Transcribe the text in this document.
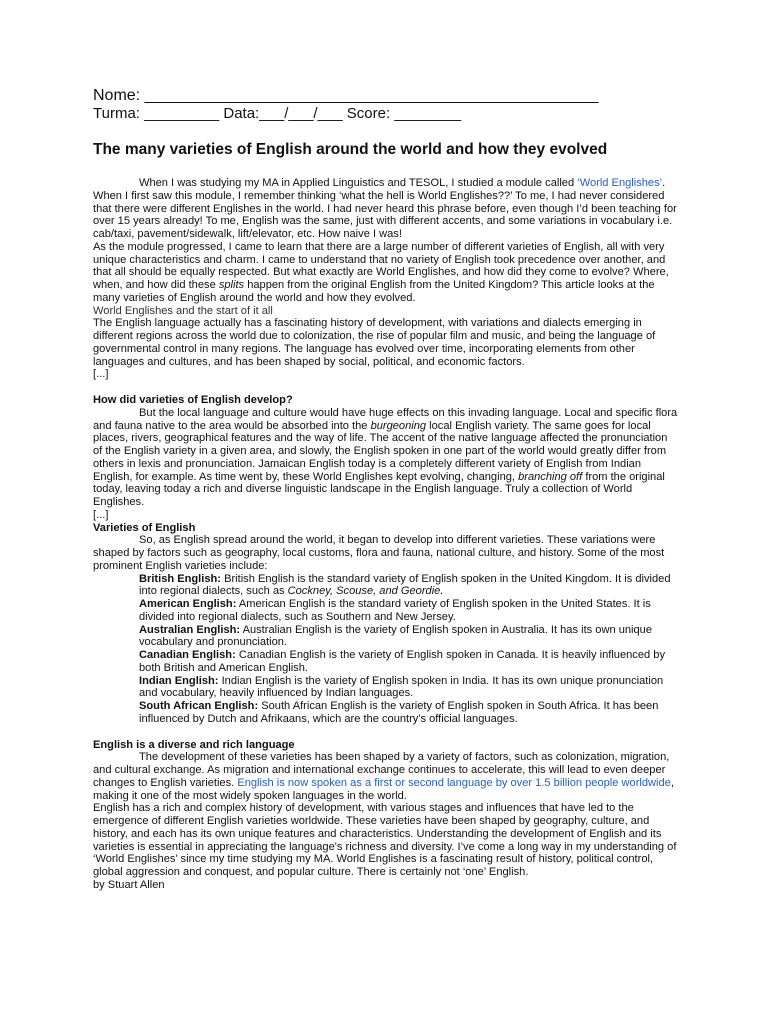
Nome: ___________________________________________________
Turma: _________ Data:___/___/___ Score: ________
The many varieties of English around the world and how they evolved

When I was studying my MA in Applied Linguistics and TESOL, I studied a module called ‘World Englishes’. When I first saw this module, I remember thinking ‘what the hell is World Englishes??’ To me, I had never considered that there were different Englishes in the world. I had never heard this phrase before, even though I’d been teaching for over 15 years already! To me, English was the same, just with different accents, and some variations in vocabulary i.e. cab/taxi, pavement/sidewalk, lift/elevator, etc. How naive I was!

As the module progressed, I came to learn that there are a large number of different varieties of English, all with very unique characteristics and charm. I came to understand that no variety of English took precedence over another, and that all should be equally respected. But what exactly are World Englishes, and how did they come to evolve? Where, when, and how did these splits happen from the original English from the United Kingdom? This article looks at the many varieties of English around the world and how they evolved.

World Englishes and the start of it all

The English language actually has a fascinating history of development, with variations and dialects emerging in different regions across the world due to colonization, the rise of popular film and music, and being the language of governmental control in many regions. The language has evolved over time, incorporating elements from other languages and cultures, and has been shaped by social, political, and economic factors.

[...]

How did varieties of English develop?

But the local language and culture would have huge effects on this invading language. Local and specific flora and fauna native to the area would be absorbed into the burgeoning local English variety. The same goes for local places, rivers, geographical features and the way of life. The accent of the native language affected the pronunciation of the English variety in a given area, and slowly, the English spoken in one part of the world would greatly differ from others in lexis and pronunciation. Jamaican English today is a completely different variety of English from Indian English, for example. As time went by, these World Englishes kept evolving, changing, branching off from the original today, leaving today a rich and diverse linguistic landscape in the English language. Truly a collection of World Englishes.

[...]

Varieties of English

So, as English spread around the world, it began to develop into different varieties. These variations were shaped by factors such as geography, local customs, flora and fauna, national culture, and history. Some of the most prominent English varieties include:

British English: British English is the standard variety of English spoken in the United Kingdom. It is divided into regional dialects, such as Cockney, Scouse, and Geordie.

American English: American English is the standard variety of English spoken in the United States. It is divided into regional dialects, such as Southern and New Jersey.

Australian English: Australian English is the variety of English spoken in Australia. It has its own unique vocabulary and pronunciation.

Canadian English: Canadian English is the variety of English spoken in Canada. It is heavily influenced by both British and American English.

Indian English: Indian English is the variety of English spoken in India. It has its own unique pronunciation and vocabulary, heavily influenced by Indian languages.

South African English: South African English is the variety of English spoken in South Africa. It has been influenced by Dutch and Afrikaans, which are the country's official languages.

English is a diverse and rich language

The development of these varieties has been shaped by a variety of factors, such as colonization, migration, and cultural exchange. As migration and international exchange continues to accelerate, this will lead to even deeper changes to English varieties. English is now spoken as a first or second language by over 1.5 billion people worldwide, making it one of the most widely spoken languages in the world.

English has a rich and complex history of development, with various stages and influences that have led to the emergence of different English varieties worldwide. These varieties have been shaped by geography, culture, and history, and each has its own unique features and characteristics. Understanding the development of English and its varieties is essential in appreciating the language's richness and diversity. I’ve come a long way in my understanding of ‘World Englishes’ since my time studying my MA. World Englishes is a fascinating result of history, political control, global aggression and conquest, and popular culture. There is certainly not ‘one’ English.

by Stuart Allen
